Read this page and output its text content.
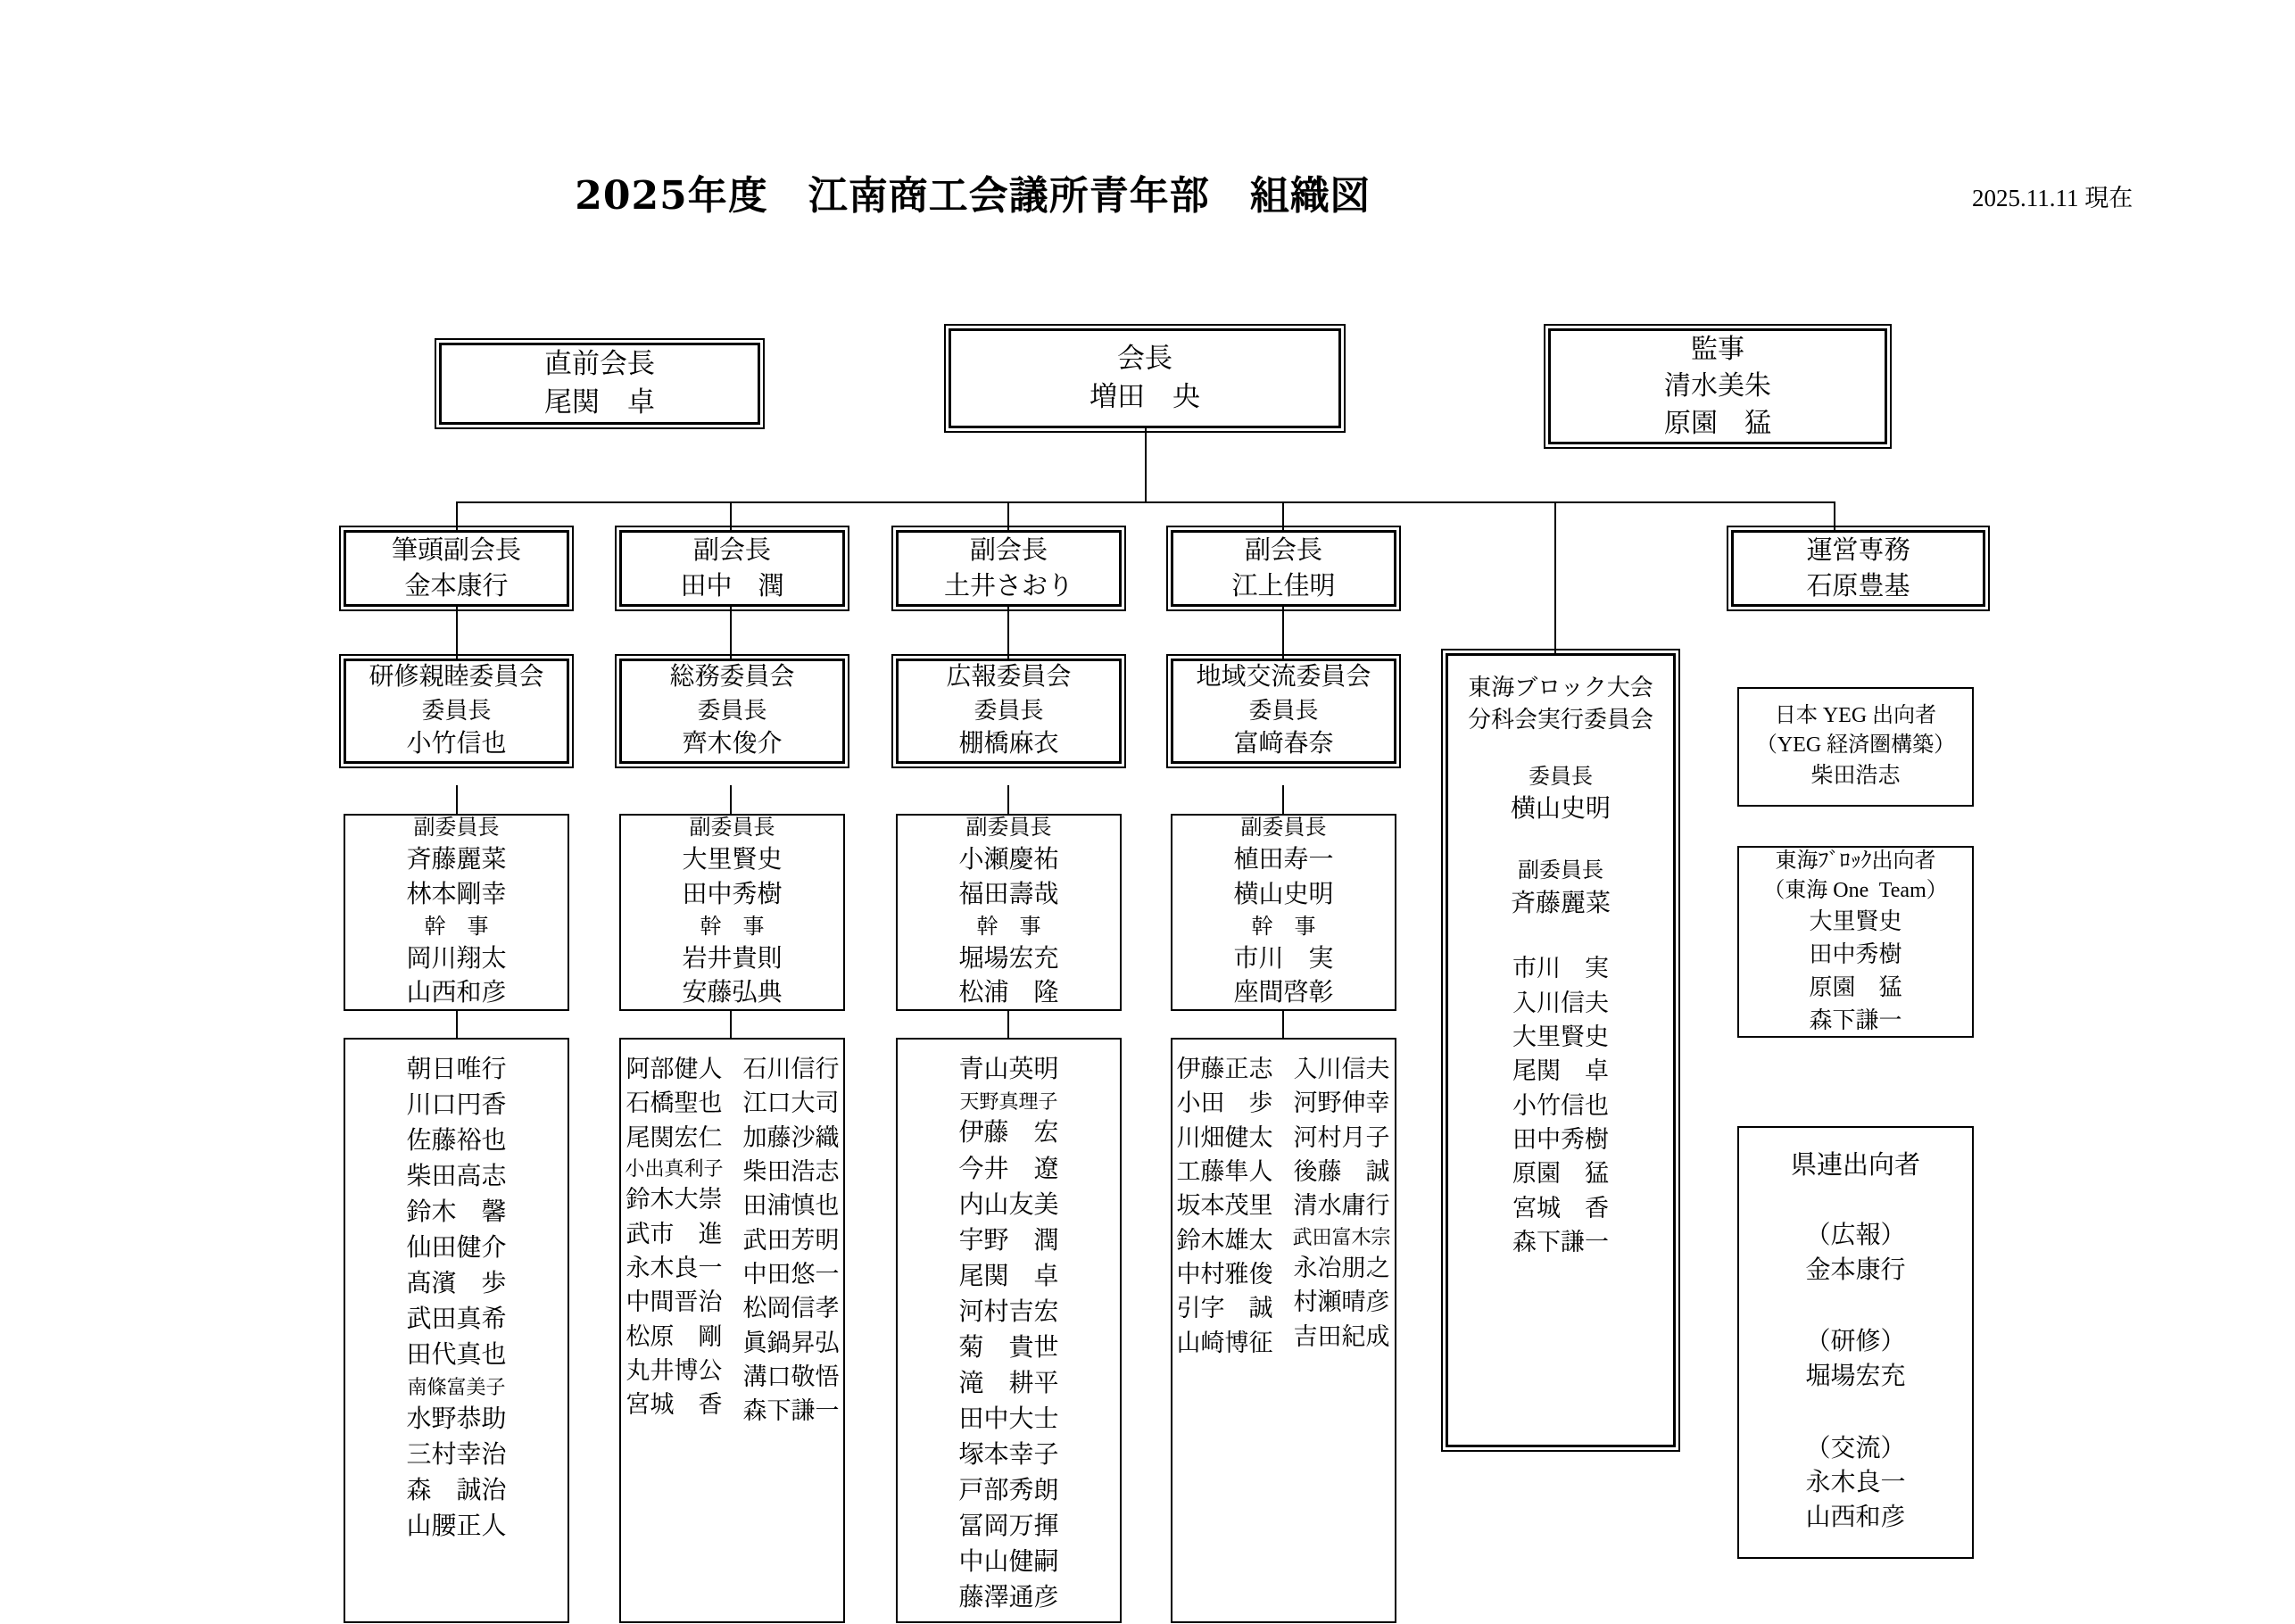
2025年度　江南商工会議所青年部　組織図	2025.11.11 現在
直前会長
尾関　卓
会長
増田　央
監事
清水美朱
原園　猛
運営専務
石原豊基
筆頭副会長
金本康行
副会長
田中　潤
副会長
土井さおり
副会長
江上佳明
研修親睦委員会
委員長
小竹信也
総務委員会
委員長
齊木俊介
広報委員会
委員長
棚橋麻衣
地域交流委員会
委員長
富﨑春奈
副委員長
斉藤麗菜
林本剛幸
幹　事
岡川翔太
山西和彦
副委員長
大里賢史
田中秀樹
幹　事
岩井貴則
安藤弘典
副委員長
小瀬慶祐
福田壽哉
幹　事
堀場宏充
松浦　隆
副委員長
植田寿一
横山史明
幹　事
市川　実
座間啓彰
朝日唯行
川口円香
佐藤裕也
柴田高志
鈴木　馨
仙田健介
髙濱　歩
武田真希
田代真也
南條富美子
水野恭助
三村幸治
森　誠治
山腰正人
阿部健人
石橋聖也
尾関宏仁
小出真利子
鈴木大崇
武市　進
永木良一
中間晋治
松原　剛
丸井博公
宮城　香
石川信行
江口大司
加藤沙織
柴田浩志
田浦慎也
武田芳明
中田悠一
松岡信孝
眞鍋昇弘
溝口敬悟
森下謙一
青山英明
天野真理子
伊藤　宏
今井　遼
内山友美
宇野　潤
尾関　卓
河村吉宏
菊　貴世
滝　耕平
田中大士
塚本幸子
戸部秀朗
冨岡万揮
中山健嗣
藤澤通彦
伊藤正志
小田　歩
川畑健太
工藤隼人
坂本茂里
鈴木雄太
中村雅俊
引字　誠
山崎博征
入川信夫
河野伸幸
河村月子
後藤　誠
清水庸行
武田富木宗
永冶朋之
村瀬晴彦
吉田紀成
東海ブロック大会
分科会実行委員会
委員長
横山史明
副委員長
斉藤麗菜
市川　実
入川信夫
大里賢史
尾関　卓
小竹信也
田中秀樹
原園　猛
宮城　香
森下謙一
日本 YEG 出向者
（YEG 経済圏構築）
柴田浩志
東海ﾌﾞﾛｯｸ出向者
（東海 One  Team）
大里賢史
田中秀樹
原園　猛
森下謙一
県連出向者
（広報）
金本康行
（研修）
堀場宏充
（交流）
永木良一
山西和彦
